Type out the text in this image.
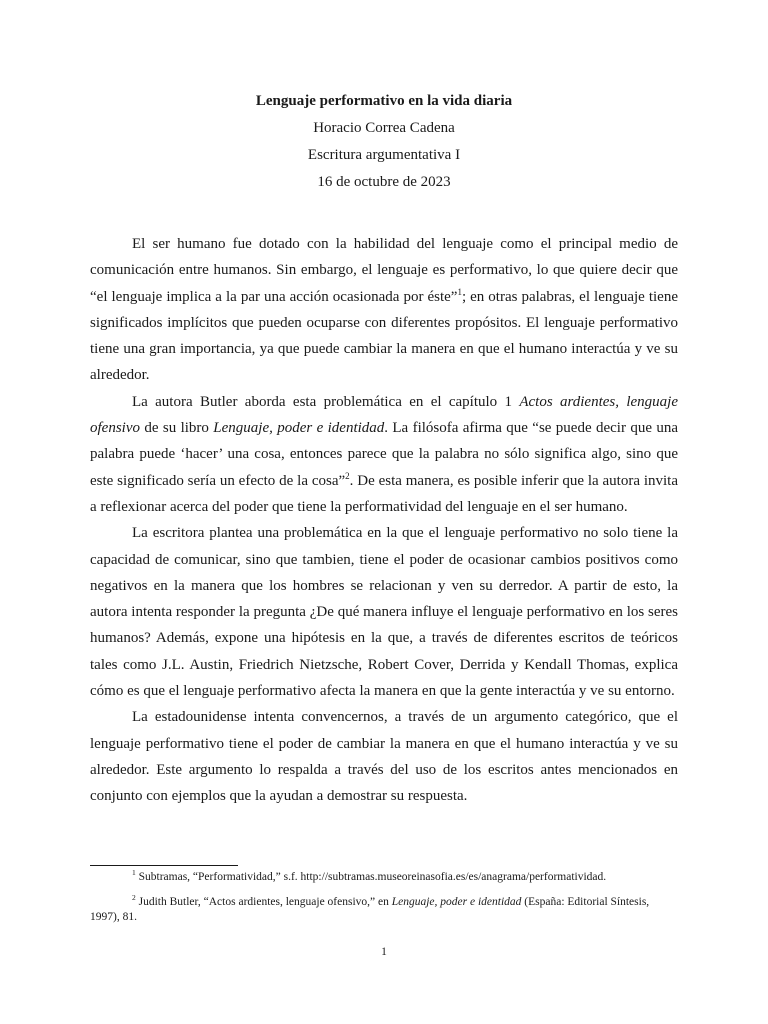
Lenguaje performativo en la vida diaria
Horacio Correa Cadena
Escritura argumentativa I
16 de octubre de 2023

El ser humano fue dotado con la habilidad del lenguaje como el principal medio de comunicación entre humanos. Sin embargo, el lenguaje es performativo, lo que quiere decir que “el lenguaje implica a la par una acción ocasionada por éste”$^1$; en otras palabras, el lenguaje tiene significados implícitos que pueden ocuparse con diferentes propósitos. El lenguaje performativo tiene una gran importancia, ya que puede cambiar la manera en que el humano interactúa y ve su alrededor.

La autora Butler aborda esta problemática en el capítulo 1 Actos ardientes, lenguaje ofensivo de su libro Lenguaje, poder e identidad. La filósofa afirma que “se puede decir que una palabra puede ‘hacer’ una cosa, entonces parece que la palabra no sólo significa algo, sino que este significado sería un efecto de la cosa”$^2$. De esta manera, es posible inferir que la autora invita a reflexionar acerca del poder que tiene la performatividad del lenguaje en el ser humano.

La escritora plantea una problemática en la que el lenguaje performativo no solo tiene la capacidad de comunicar, sino que tambien, tiene el poder de ocasionar cambios positivos como negativos en la manera que los hombres se relacionan y ven su derredor. A partir de esto, la autora intenta responder la pregunta ¿De qué manera influye el lenguaje performativo en los seres humanos? Además, expone una hipótesis en la que, a través de diferentes escritos de teóricos tales como J.L. Austin, Friedrich Nietzsche, Robert Cover, Derrida y Kendall Thomas, explica cómo es que el lenguaje performativo afecta la manera en que la gente interactúa y ve su entorno.

La estadounidense intenta convencernos, a través de un argumento categórico, que el lenguaje performativo tiene el poder de cambiar la manera en que el humano interactúa y ve su alrededor. Este argumento lo respalda a través del uso de los escritos antes mencionados en conjunto con ejemplos que la ayudan a demostrar su respuesta.

$^1$ Subtramas, “Performatividad,” s.f. http://subtramas.museoreinasofia.es/es/anagrama/performatividad.

$^2$ Judith Butler, “Actos ardientes, lenguaje ofensivo,” en Lenguaje, poder e identidad (España: Editorial Síntesis, 1997), 81.

1
